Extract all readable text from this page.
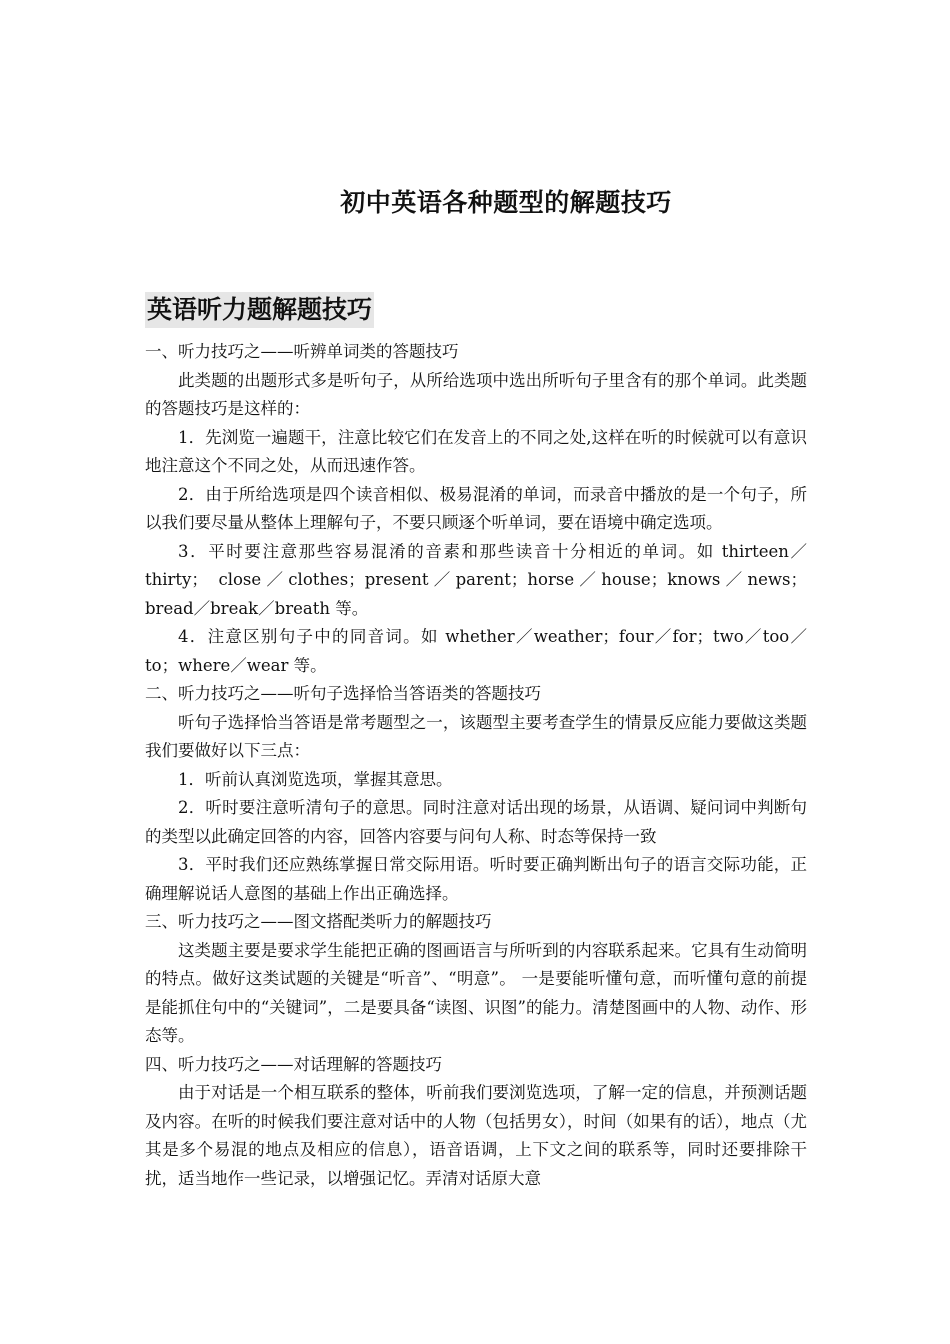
初中英语各种题型的解题技巧
英语听力题解题技巧

一、听力技巧之——听辨单词类的答题技巧

此类题的出题形式多是听句子，从所给选项中选出所听句子里含有的那个单词。此类题的答题技巧是这样的：

1．先浏览一遍题干，注意比较它们在发音上的不同之处,这样在听的时候就可以有意识地注意这个不同之处，从而迅速作答。

2．由于所给选项是四个读音相似、极易混淆的单词，而录音中播放的是一个句子，所以我们要尽量从整体上理解句子，不要只顾逐个听单词，要在语境中确定选项。

3．平时要注意那些容易混淆的音素和那些读音十分相近的单词。如 thirteen／thirty； close／clothes；present／parent；horse／house；knows／news；bread／break／breath 等。

4．注意区别句子中的同音词。如 whether／weather；four／for；two／too／to；where／wear 等。

二、听力技巧之——听句子选择恰当答语类的答题技巧

听句子选择恰当答语是常考题型之一，该题型主要考查学生的情景反应能力要做这类题我们要做好以下三点：

1．听前认真浏览选项，掌握其意思。

2．听时要注意听清句子的意思。同时注意对话出现的场景，从语调、疑问词中判断句的类型以此确定回答的内容，回答内容要与问句人称、时态等保持一致

3．平时我们还应熟练掌握日常交际用语。听时要正确判断出句子的语言交际功能，正确理解说话人意图的基础上作出正确选择。

三、听力技巧之——图文搭配类听力的解题技巧

这类题主要是要求学生能把正确的图画语言与所听到的内容联系起来。它具有生动简明的特点。做好这类试题的关键是“听音”、“明意”。 一是要能听懂句意，而听懂句意的前提是能抓住句中的“关键词”，二是要具备“读图、识图”的能力。清楚图画中的人物、动作、形态等。

四、听力技巧之——对话理解的答题技巧

由于对话是一个相互联系的整体，听前我们要浏览选项，了解一定的信息，并预测话题及内容。在听的时候我们要注意对话中的人物（包括男女），时间（如果有的话），地点（尤其是多个易混的地点及相应的信息），语音语调，上下文之间的联系等，同时还要排除干扰，适当地作一些记录，以增强记忆。弄清对话原大意
